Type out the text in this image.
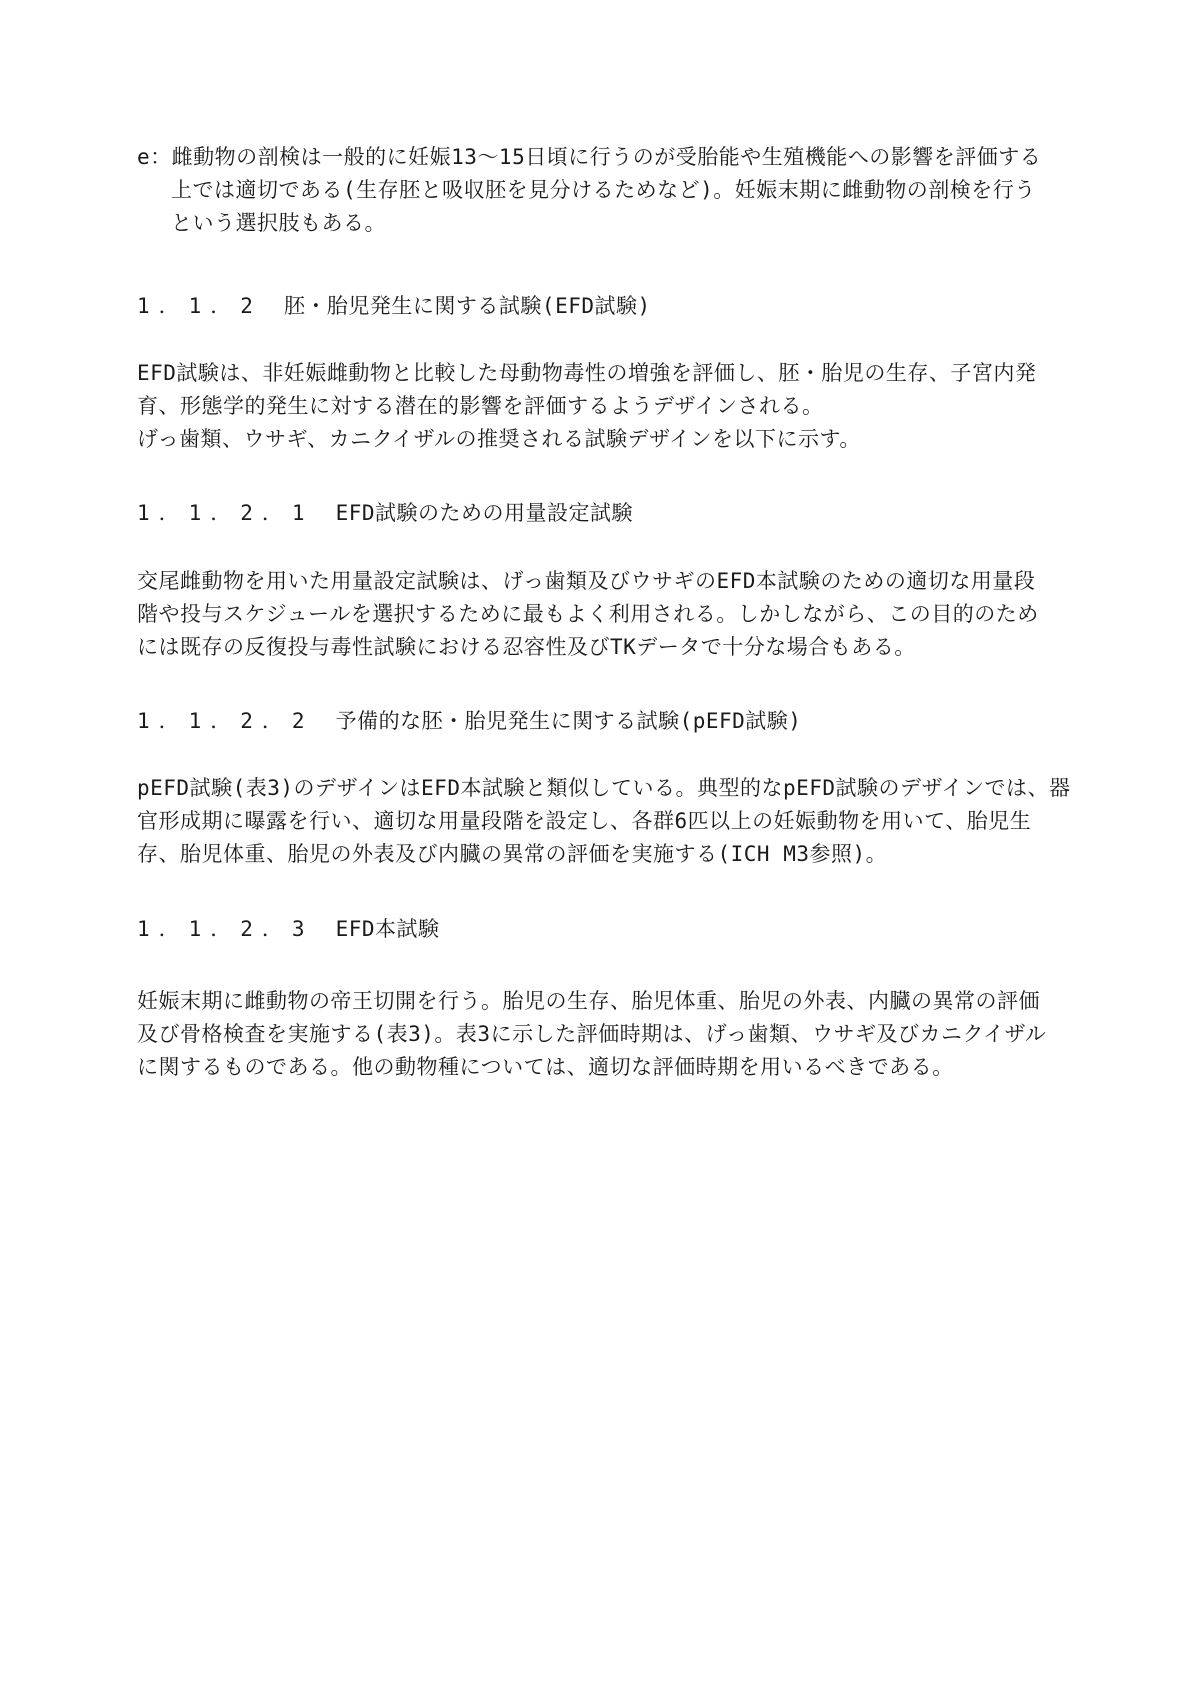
e：雌動物の剖検は一般的に妊娠13～15日頃に行うのが受胎能や生殖機能への影響を評価する
上では適切である(生存胚と吸収胚を見分けるためなど)。妊娠末期に雌動物の剖検を行う
という選択肢もある。
1．1．2 胚・胎児発生に関する試験(EFD試験)
EFD試験は、非妊娠雌動物と比較した母動物毒性の増強を評価し、胚・胎児の生存、子宮内発
育、形態学的発生に対する潜在的影響を評価するようデザインされる。
げっ歯類、ウサギ、カニクイザルの推奨される試験デザインを以下に示す。
1．1．2．1 EFD試験のための用量設定試験
交尾雌動物を用いた用量設定試験は、げっ歯類及びウサギのEFD本試験のための適切な用量段
階や投与スケジュールを選択するために最もよく利用される。しかしながら、この目的のため
には既存の反復投与毒性試験における忍容性及びTKデータで十分な場合もある。
1．1．2．2 予備的な胚・胎児発生に関する試験(pEFD試験)
pEFD試験(表3)のデザインはEFD本試験と類似している。典型的なpEFD試験のデザインでは、器
官形成期に曝露を行い、適切な用量段階を設定し、各群6匹以上の妊娠動物を用いて、胎児生
存、胎児体重、胎児の外表及び内臓の異常の評価を実施する(ICH M3参照)。
1．1．2．3 EFD本試験
妊娠末期に雌動物の帝王切開を行う。胎児の生存、胎児体重、胎児の外表、内臓の異常の評価
及び骨格検査を実施する(表3)。表3に示した評価時期は、げっ歯類、ウサギ及びカニクイザル
に関するものである。他の動物種については、適切な評価時期を用いるべきである。
